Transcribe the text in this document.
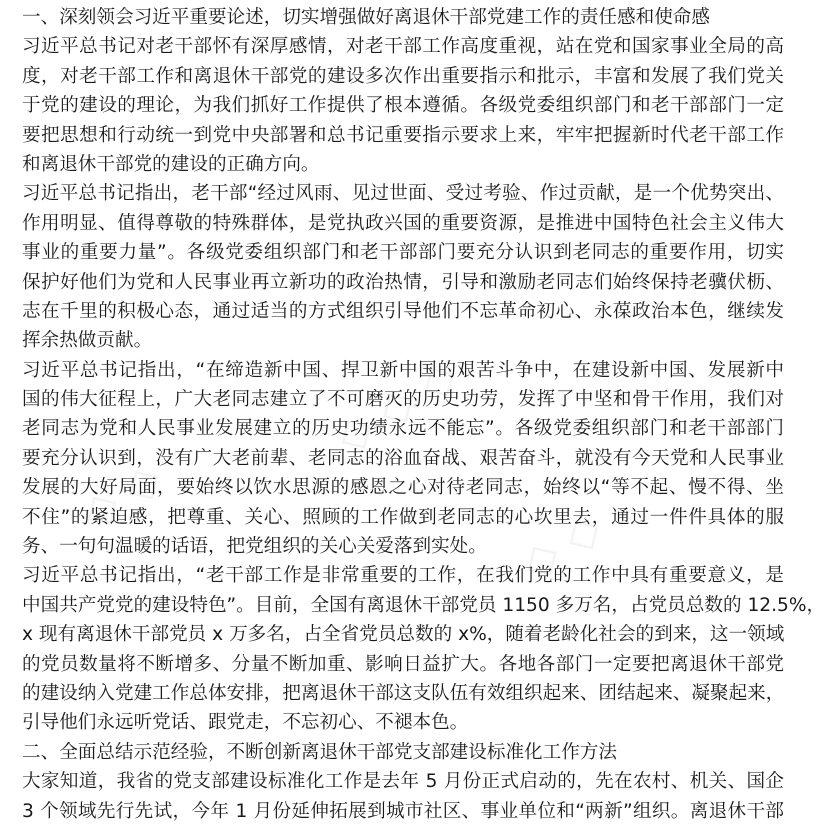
◇ ◇ ◇
◇ ◇
◇ ◇
一、深刻领会习近平重要论述，切实增强做好离退休干部党建工作的责任感和使命感
习近平总书记对老干部怀有深厚感情，对老干部工作高度重视，站在党和国家事业全局的高
度，对老干部工作和离退休干部党的建设多次作出重要指示和批示，丰富和发展了我们党关
于党的建设的理论，为我们抓好工作提供了根本遵循。各级党委组织部门和老干部部门一定
要把思想和行动统一到党中央部署和总书记重要指示要求上来，牢牢把握新时代老干部工作
和离退休干部党的建设的正确方向。
习近平总书记指出，老干部“经过风雨、见过世面、受过考验、作过贡献，是一个优势突出、
作用明显、值得尊敬的特殊群体，是党执政兴国的重要资源，是推进中国特色社会主义伟大
事业的重要力量”。各级党委组织部门和老干部部门要充分认识到老同志的重要作用，切实
保护好他们为党和人民事业再立新功的政治热情，引导和激励老同志们始终保持老骥伏枥、
志在千里的积极心态，通过适当的方式组织引导他们不忘革命初心、永葆政治本色，继续发
挥余热做贡献。
习近平总书记指出，“在缔造新中国、捍卫新中国的艰苦斗争中，在建设新中国、发展新中
国的伟大征程上，广大老同志建立了不可磨灭的历史功劳，发挥了中坚和骨干作用，我们对
老同志为党和人民事业发展建立的历史功绩永远不能忘”。各级党委组织部门和老干部部门
要充分认识到，没有广大老前辈、老同志的浴血奋战、艰苦奋斗，就没有今天党和人民事业
发展的大好局面，要始终以饮水思源的感恩之心对待老同志，始终以“等不起、慢不得、坐
不住”的紧迫感，把尊重、关心、照顾的工作做到老同志的心坎里去，通过一件件具体的服
务、一句句温暖的话语，把党组织的关心关爱落到实处。
习近平总书记指出，“老干部工作是非常重要的工作，在我们党的工作中具有重要意义，是
中国共产党党的建设特色”。目前，全国有离退休干部党员 1150 多万名，占党员总数的 12.5%，
x 现有离退休干部党员 x 万多名，占全省党员总数的 x%，随着老龄化社会的到来，这一领域
的党员数量将不断增多、分量不断加重、影响日益扩大。各地各部门一定要把离退休干部党
的建设纳入党建工作总体安排，把离退休干部这支队伍有效组织起来、团结起来、凝聚起来，
引导他们永远听党话、跟党走，不忘初心、不褪本色。
二、全面总结示范经验，不断创新离退休干部党支部建设标准化工作方法
大家知道，我省的党支部建设标准化工作是去年 5 月份正式启动的，先在农村、机关、国企
3 个领域先行先试，今年 1 月份延伸拓展到城市社区、事业单位和“两新”组织。离退休干部
